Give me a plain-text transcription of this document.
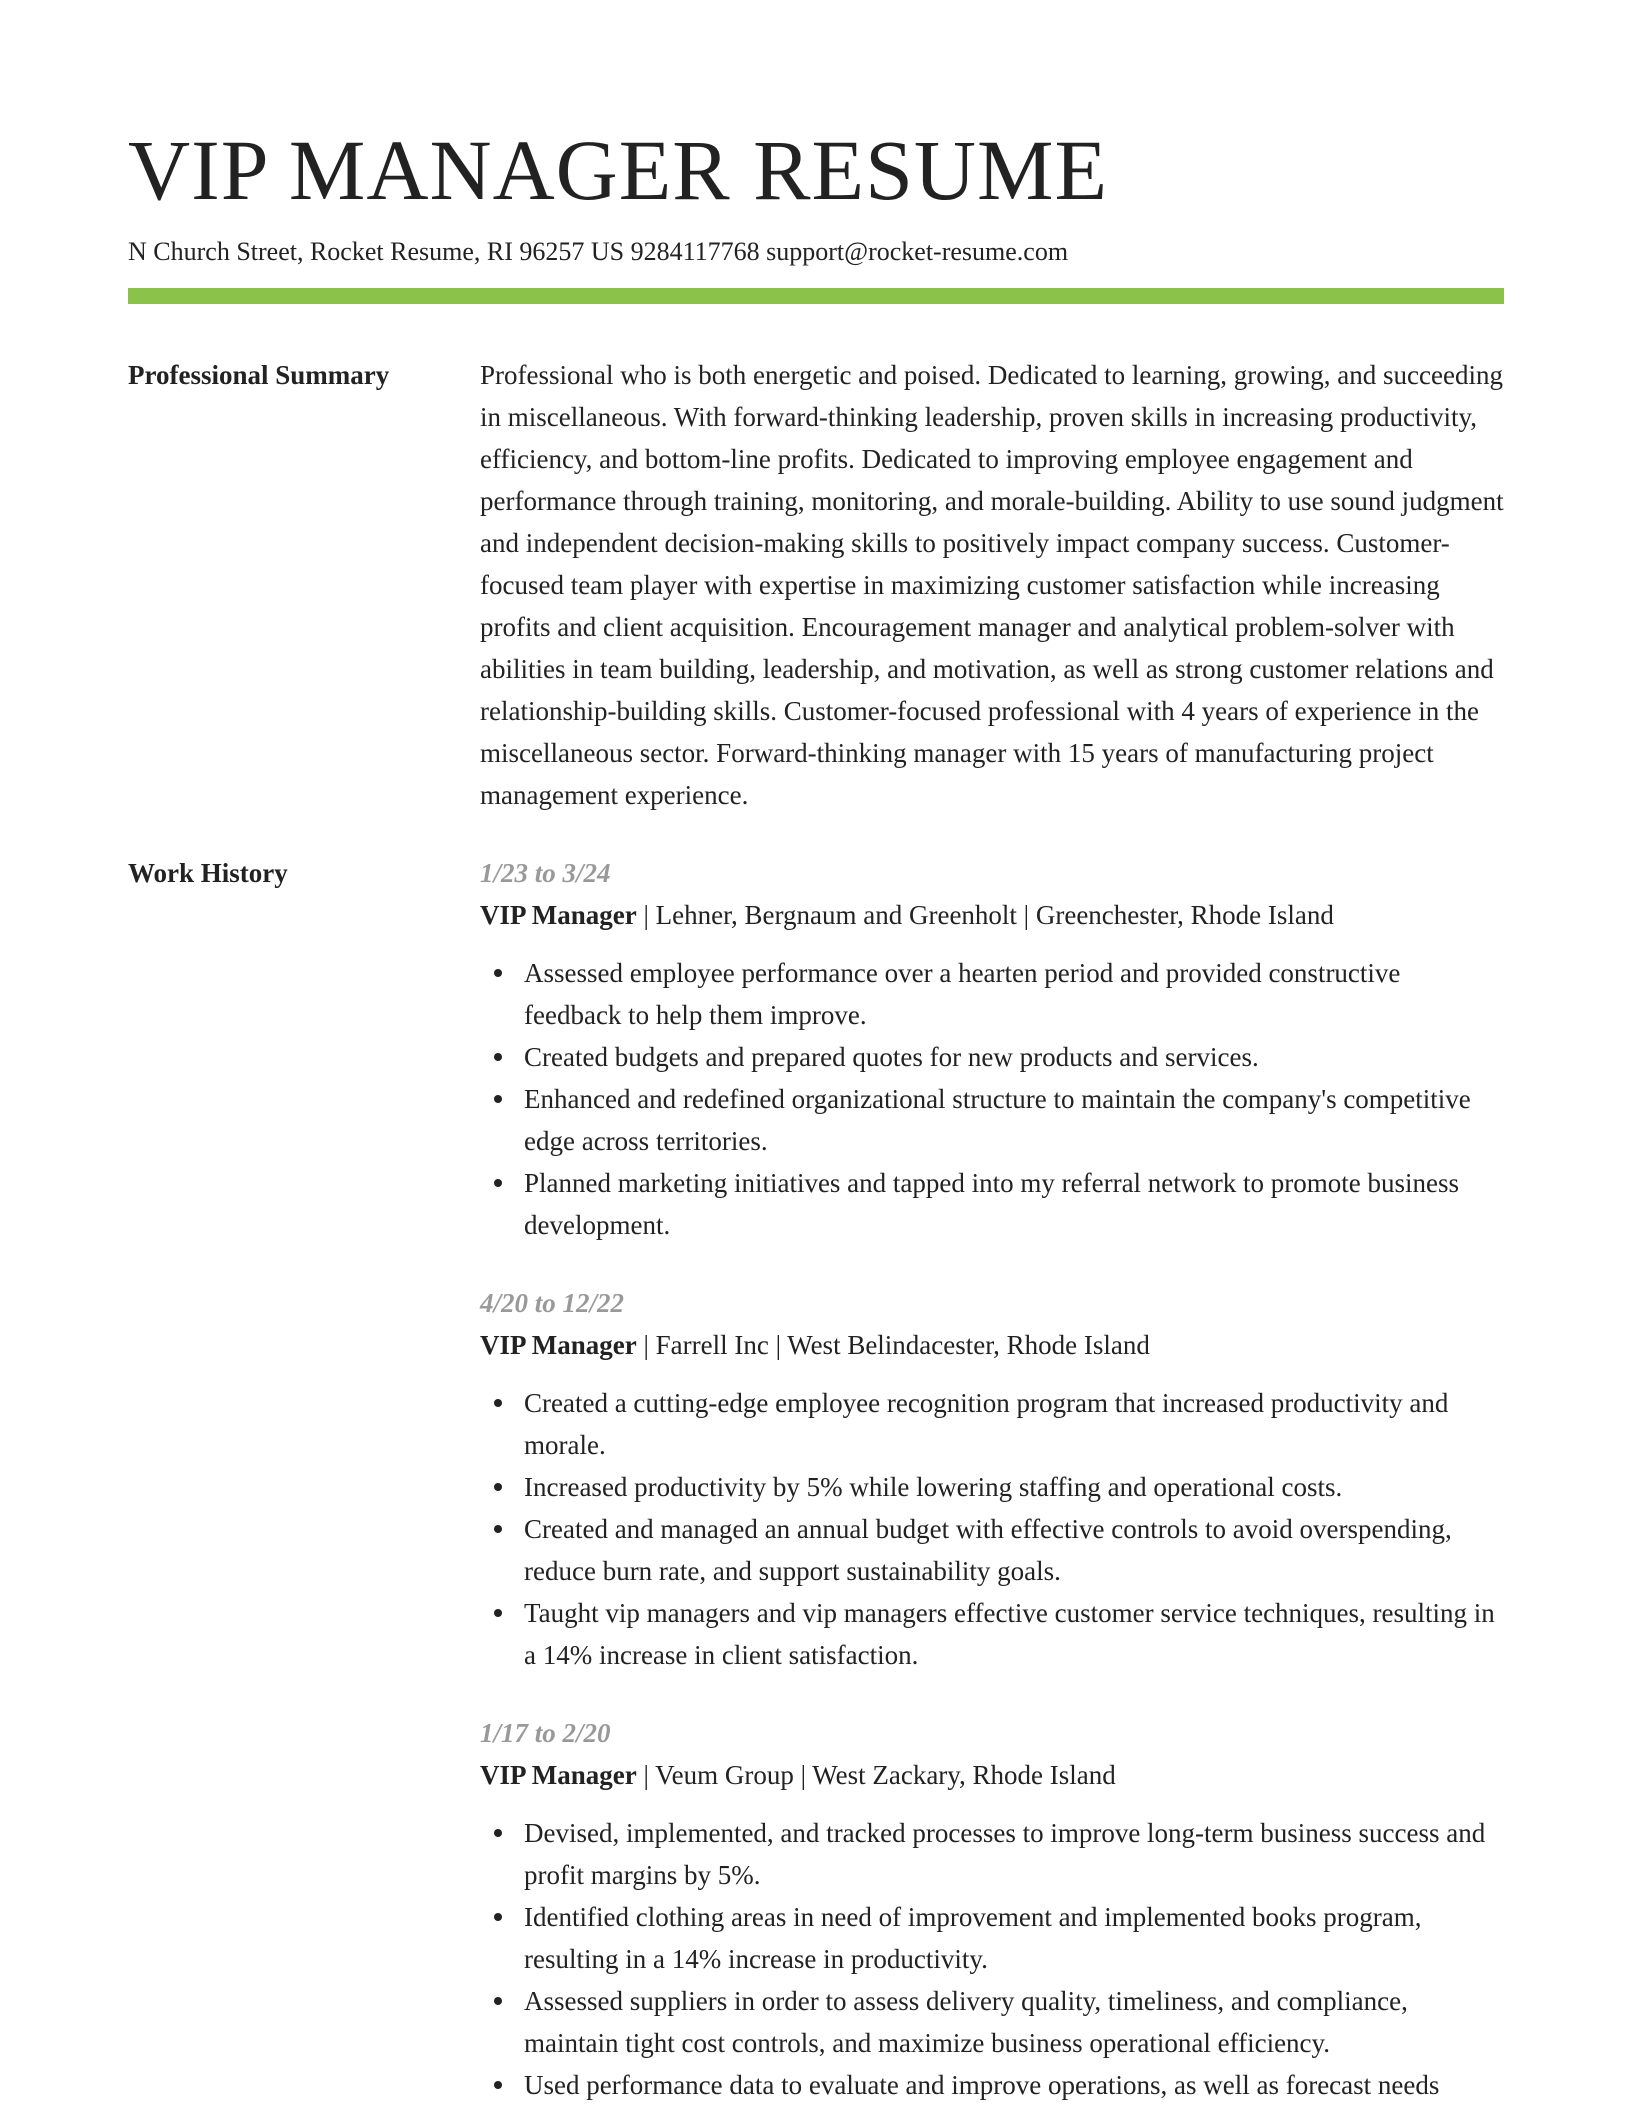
VIP MANAGER RESUME
N Church Street, Rocket Resume, RI 96257 US 9284117768 support@rocket-resume.com
Professional Summary	Professional who is both energetic and poised. Dedicated to learning, growing, and succeeding in miscellaneous. With forward-thinking leadership, proven skills in increasing productivity, efficiency, and bottom-line profits. Dedicated to improving employee engagement and performance through training, monitoring, and morale-building. Ability to use sound judgment and independent decision-making skills to positively impact company success. Customer-focused team player with expertise in maximizing customer satisfaction while increasing profits and client acquisition. Encouragement manager and analytical problem-solver with abilities in team building, leadership, and motivation, as well as strong customer relations and relationship-building skills. Customer-focused professional with 4 years of experience in the miscellaneous sector. Forward-thinking manager with 15 years of manufacturing project management experience.
Work History	1/23 to 3/24
VIP Manager | Lehner, Bergnaum and Greenholt | Greenchester, Rhode Island
Assessed employee performance over a hearten period and provided constructive feedback to help them improve.
Created budgets and prepared quotes for new products and services.
Enhanced and redefined organizational structure to maintain the company's competitive edge across territories.
Planned marketing initiatives and tapped into my referral network to promote business development.
4/20 to 12/22
VIP Manager | Farrell Inc | West Belindacester, Rhode Island
Created a cutting-edge employee recognition program that increased productivity and morale.
Increased productivity by 5% while lowering staffing and operational costs.
Created and managed an annual budget with effective controls to avoid overspending, reduce burn rate, and support sustainability goals.
Taught vip managers and vip managers effective customer service techniques, resulting in a 14% increase in client satisfaction.
1/17 to 2/20
VIP Manager | Veum Group | West Zackary, Rhode Island
Devised, implemented, and tracked processes to improve long-term business success and profit margins by 5%.
Identified clothing areas in need of improvement and implemented books program, resulting in a 14% increase in productivity.
Assessed suppliers in order to assess delivery quality, timeliness, and compliance, maintain tight cost controls, and maximize business operational efficiency.
Used performance data to evaluate and improve operations, as well as forecast needs
